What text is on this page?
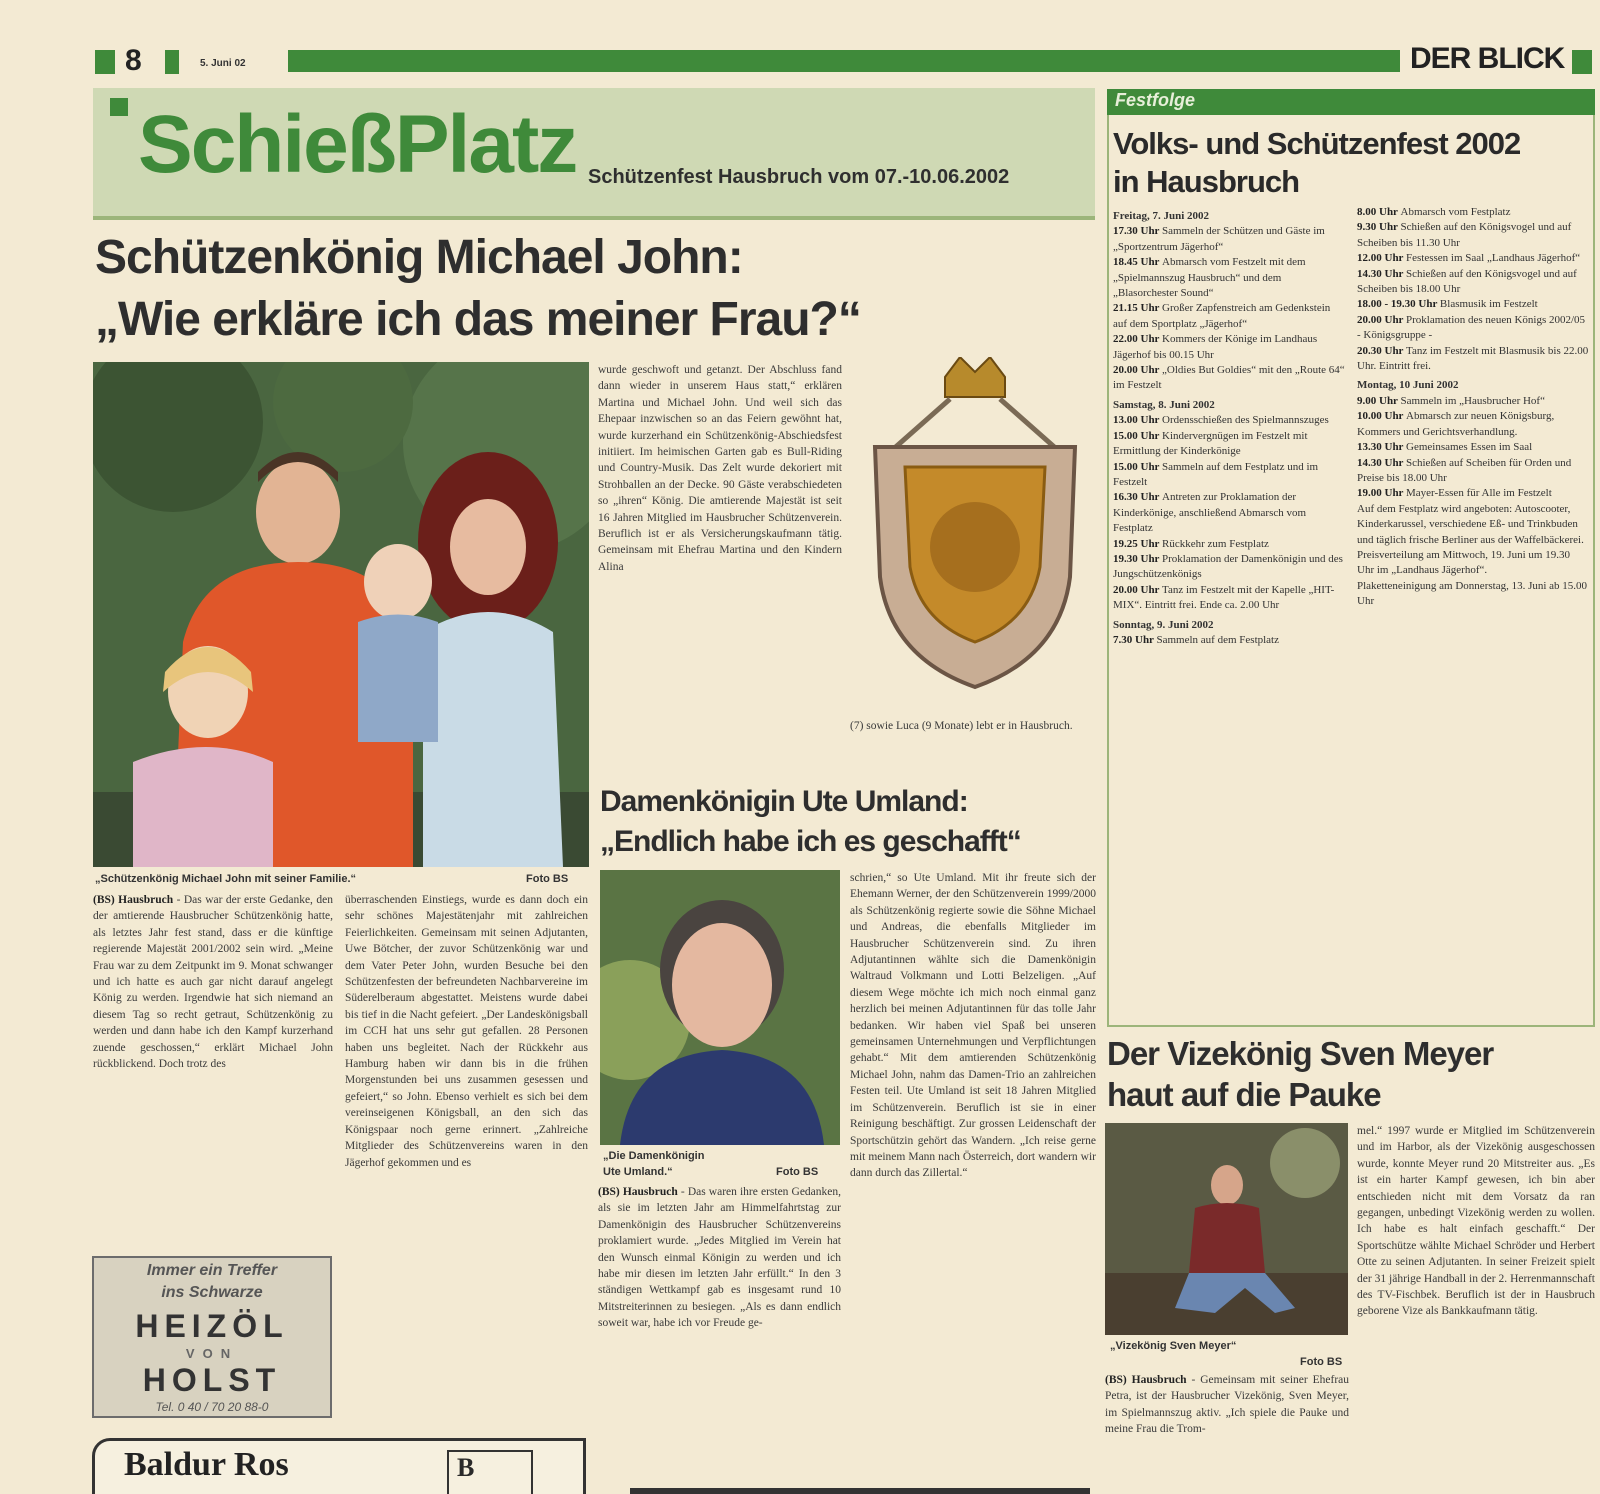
8	5. Juni 02	DER BLICK
SchießPlatz Schützenfest Hausbruch vom 07.-10.06.2002
Schützenkönig Michael John:
„Wie erkläre ich das meiner Frau?“
„Schützenkönig Michael John mit seiner Familie.“	Foto BS
(BS) Hausbruch - Das war der erste Gedanke, den der amtierende Hausbrucher Schützenkönig hatte, als letztes Jahr fest stand, dass er die künftige regierende Majestät 2001/2002 sein wird. „Meine Frau war zu dem Zeitpunkt im 9. Monat schwanger und ich hatte es auch gar nicht darauf angelegt König zu werden. Irgendwie hat sich niemand an diesem Tag so recht getraut, Schützenkönig zu werden und dann habe ich den Kampf kurzerhand zuende geschossen,“ erklärt Michael John rückblickend. Doch trotz des
überraschenden Einstiegs, wurde es dann doch ein sehr schönes Majestätenjahr mit zahlreichen Feierlichkeiten. Gemeinsam mit seinen Adjutanten, Uwe Bötcher, der zuvor Schützenkönig war und dem Vater Peter John, wurden Besuche bei den Schützenfesten der befreundeten Nachbarvereine im Süderelberaum abgestattet. Meistens wurde dabei bis tief in die Nacht gefeiert. „Der Landeskönigsball im CCH hat uns sehr gut gefallen. 28 Personen haben uns begleitet. Nach der Rückkehr aus Hamburg haben wir dann bis in die frühen Morgenstunden bei uns zusammen gesessen und gefeiert,“ so John. Ebenso verhielt es sich bei dem vereinseigenen Königsball, an den sich das Königspaar noch gerne erinnert. „Zahlreiche Mitglieder des Schützenvereins waren in den Jägerhof gekommen und es
wurde geschwoft und getanzt. Der Abschluss fand dann wieder in unserem Haus statt,“ erklären Martina und Michael John. Und weil sich das Ehepaar inzwischen so an das Feiern gewöhnt hat, wurde kurzerhand ein Schützenkönig-Abschiedsfest initiiert. Im heimischen Garten gab es Bull-Riding und Country-Musik. Das Zelt wurde dekoriert mit Strohballen an der Decke. 90 Gäste verabschiedeten so „ihren“ König. Die amtierende Majestät ist seit 16 Jahren Mitglied im Hausbrucher Schützenverein. Beruflich ist er als Versicherungskaufmann tätig. Gemeinsam mit Ehefrau Martina und den Kindern Alina
(7) sowie Luca (9 Monate) lebt er in Hausbruch.
Damenkönigin Ute Umland:
„Endlich habe ich es geschafft“
„Die Damenkönigin
Ute Umland.“	Foto BS
(BS) Hausbruch - Das waren ihre ersten Gedanken, als sie im letzten Jahr am Himmelfahrtstag zur Damenkönigin des Hausbrucher Schützenvereins proklamiert wurde. „Jedes Mitglied im Verein hat den Wunsch einmal Königin zu werden und ich habe mir diesen im letzten Jahr erfüllt.“ In den 3 ständigen Wettkampf gab es insgesamt rund 10 Mitstreiterinnen zu besiegen. „Als es dann endlich soweit war, habe ich vor Freude ge-
schrien,“ so Ute Umland. Mit ihr freute sich der Ehemann Werner, der den Schützenverein 1999/2000 als Schützenkönig regierte sowie die Söhne Michael und Andreas, die ebenfalls Mitglieder im Hausbrucher Schützenverein sind. Zu ihren Adjutantinnen wählte sich die Damenkönigin Waltraud Volkmann und Lotti Belzeligen. „Auf diesem Wege möchte ich mich noch einmal ganz herzlich bei meinen Adjutantinnen für das tolle Jahr bedanken. Wir haben viel Spaß bei unseren gemeinsamen Unternehmungen und Verpflichtungen gehabt.“ Mit dem amtierenden Schützenkönig Michael John, nahm das Damen-Trio an zahlreichen Festen teil. Ute Umland ist seit 18 Jahren Mitglied im Schützenverein. Beruflich ist sie in einer Reinigung beschäftigt. Zur grossen Leidenschaft der Sportschützin gehört das Wandern. „Ich reise gerne mit meinem Mann nach Österreich, dort wandern wir dann durch das Zillertal.“
Festfolge
Volks- und Schützenfest 2002
in Hausbruch
Freitag, 7. Juni 2002
17.30 Uhr Sammeln der Schützen und Gäste im „Sportzentrum Jägerhof“
18.45 Uhr Abmarsch vom Festzelt mit dem „Spielmannszug Hausbruch“ und dem „Blasorchester Sound“
21.15 Uhr Großer Zapfenstreich am Gedenkstein auf dem Sportplatz „Jägerhof“
22.00 Uhr Kommers der Könige im Landhaus Jägerhof bis 00.15 Uhr
20.00 Uhr „Oldies But Goldies“ mit den „Route 64“ im Festzelt
Samstag, 8. Juni 2002
13.00 Uhr Ordensschießen des Spielmannszuges
15.00 Uhr Kindervergnügen im Festzelt mit Ermittlung der Kinderkönige
15.00 Uhr Sammeln auf dem Festplatz und im Festzelt
16.30 Uhr Antreten zur Proklamation der Kinderkönige, anschließend Abmarsch vom Festplatz
19.25 Uhr Rückkehr zum Festplatz
19.30 Uhr Proklamation der Damenkönigin und des Jungschützenkönigs
20.00 Uhr Tanz im Festzelt mit der Kapelle „HIT-MIX“. Eintritt frei. Ende ca. 2.00 Uhr
Sonntag, 9. Juni 2002
7.30 Uhr Sammeln auf dem Festplatz
8.00 Uhr Abmarsch vom Festplatz
9.30 Uhr Schießen auf den Königsvogel und auf Scheiben bis 11.30 Uhr
12.00 Uhr Festessen im Saal „Landhaus Jägerhof“
14.30 Uhr Schießen auf den Königsvogel und auf Scheiben bis 18.00 Uhr
18.00 - 19.30 Uhr Blasmusik im Festzelt
20.00 Uhr Proklamation des neuen Königs 2002/05 - Königsgruppe -
20.30 Uhr Tanz im Festzelt mit Blasmusik bis 22.00 Uhr. Eintritt frei.
Montag, 10 Juni 2002
9.00 Uhr Sammeln im „Hausbrucher Hof“
10.00 Uhr Abmarsch zur neuen Königsburg, Kommers und Gerichtsverhandlung.
13.30 Uhr Gemeinsames Essen im Saal
14.30 Uhr Schießen auf Scheiben für Orden und Preise bis 18.00 Uhr
19.00 Uhr Mayer-Essen für Alle im Festzelt
Auf dem Festplatz wird angeboten: Autoscooter, Kinderkarussel, verschiedene Eß- und Trinkbuden und täglich frische Berliner aus der Waffelbäckerei.
Preisverteilung am Mittwoch, 19. Juni um 19.30 Uhr im „Landhaus Jägerhof“.
Plaketteneinigung am Donnerstag, 13. Juni ab 15.00 Uhr
Der Vizekönig Sven Meyer
haut auf die Pauke
„Vizekönig Sven Meyer“
Foto BS
(BS) Hausbruch - Gemeinsam mit seiner Ehefrau Petra, ist der Hausbrucher Vizekönig, Sven Meyer, im Spielmannszug aktiv. „Ich spiele die Pauke und meine Frau die Trom-
mel.“ 1997 wurde er Mitglied im Schützenverein und im Harbor, als der Vizekönig ausgeschossen wurde, konnte Meyer rund 20 Mitstreiter aus. „Es ist ein harter Kampf gewesen, ich bin aber entschieden nicht mit dem Vorsatz da ran gegangen, unbedingt Vizekönig werden zu wollen. Ich habe es halt einfach geschafft.“ Der Sportschütze wählte Michael Schröder und Herbert Otte zu seinen Adjutanten. In seiner Freizeit spielt der 31 jährige Handball in der 2. Herrenmannschaft des TV-Fischbek. Beruflich ist der in Hausbruch geborene Vize als Bankkaufmann tätig.
Immer ein Treffer
ins Schwarze
HEIZÖL
VON
HOLST
Tel. 0 40 / 70 20 88-0
Baldur Ros	B
